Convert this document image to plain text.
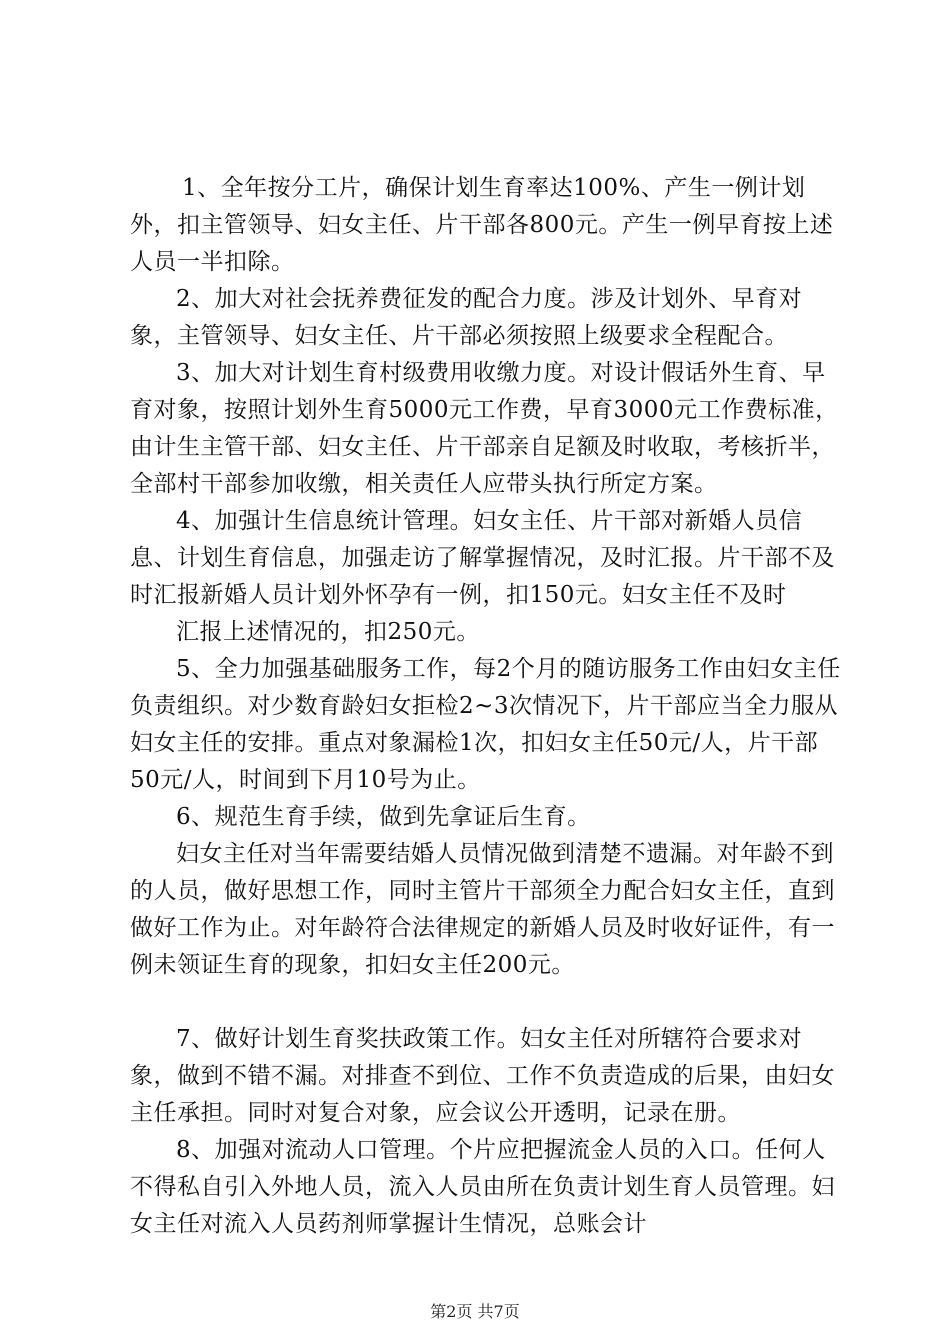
1、全年按分工片，确保计划生育率达100%、产生一例计划外，扣主管领导、妇女主任、片干部各800元。产生一例早育按上述人员一半扣除。

2、加大对社会抚养费征发的配合力度。涉及计划外、早育对象，主管领导、妇女主任、片干部必须按照上级要求全程配合。

3、加大对计划生育村级费用收缴力度。对设计假话外生育、早育对象，按照计划外生育5000元工作费，早育3000元工作费标准，由计生主管干部、妇女主任、片干部亲自足额及时收取，考核折半，全部村干部参加收缴，相关责任人应带头执行所定方案。

4、加强计生信息统计管理。妇女主任、片干部对新婚人员信息、计划生育信息，加强走访了解掌握情况，及时汇报。片干部不及时汇报新婚人员计划外怀孕有一例，扣150元。妇女主任不及时

汇报上述情况的，扣250元。

5、全力加强基础服务工作，每2个月的随访服务工作由妇女主任负责组织。对少数育龄妇女拒检2~3次情况下，片干部应当全力服从妇女主任的安排。重点对象漏检1次，扣妇女主任50元/人，片干部50元/人，时间到下月10号为止。

6、规范生育手续，做到先拿证后生育。

妇女主任对当年需要结婚人员情况做到清楚不遗漏。对年龄不到的人员，做好思想工作，同时主管片干部须全力配合妇女主任，直到做好工作为止。对年龄符合法律规定的新婚人员及时收好证件，有一例未领证生育的现象，扣妇女主任200元。

7、做好计划生育奖扶政策工作。妇女主任对所辖符合要求对象，做到不错不漏。对排查不到位、工作不负责造成的后果，由妇女主任承担。同时对复合对象，应会议公开透明，记录在册。

8、加强对流动人口管理。个片应把握流金人员的入口。任何人不得私自引入外地人员，流入人员由所在负责计划生育人员管理。妇女主任对流入人员药剂师掌握计生情况，总账会计

第2页 共7页
